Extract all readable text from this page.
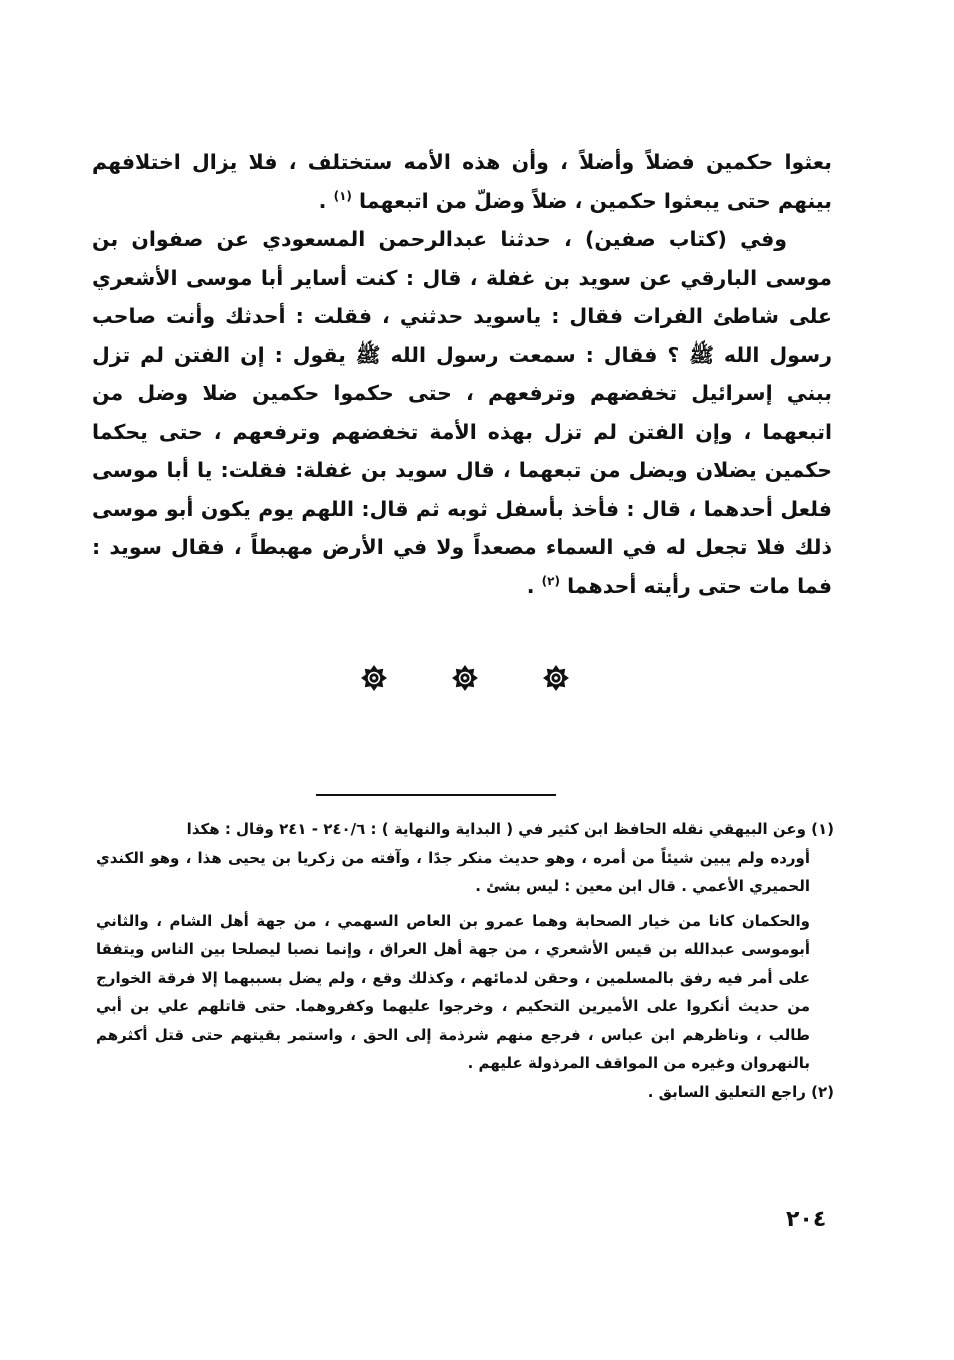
بعثوا حكمين فضلاً وأضلاً ، وأن هذه الأمه ستختلف ، فلا يزال اختلافهم بينهم حتى يبعثوا حكمين ، ضلاً وضلّ من اتبعهما $^{(١)}$ .

وفي (كتاب صفين) ، حدثنا عبدالرحمن المسعودي عن صفوان بن موسى البارقي عن سويد بن غفلة ، قال : كنت أساير أبا موسى الأشعري على شاطئ الفرات فقال : ياسويد حدثني ، فقلت : أحدثك وأنت صاحب رسول الله ﷺ ؟ فقال : سمعت رسول الله ﷺ يقول : إن الفتن لم تزل ببني إسرائيل تخفضهم وترفعهم ، حتى حكموا حكمين ضلا وضل من اتبعهما ، وإن الفتن لم تزل بهذه الأمة تخفضهم وترفعهم ، حتى يحكما حكمين يضلان ويضل من تبعهما ، قال سويد بن غفلة: فقلت: يا أبا موسى فلعل أحدهما ، قال : فأخذ بأسفل ثوبه ثم قال: اللهم يوم يكون أبو موسى ذلك فلا تجعل له في السماء مصعداً ولا في الأرض مهبطاً ، فقال سويد : فما مات حتى رأيته أحدهما $^{(٢)}$ .

(١) وعن البيهقي نقله الحافظ ابن كثير في ( البداية والنهاية ) : ٢٤٠/٦ - ٢٤١ وقال : هكذا

أورده ولم يبين شيئاً من أمره ، وهو حديث منكر جدًا ، وآفته من زكريا بن يحيى هذا ، وهو الكندي الحميري الأعمي . قال ابن معين : ليس بشئ .

والحكمان كانا من خيار الصحابة وهما عمرو بن العاص السهمي ، من جهة أهل الشام ، والثاني أبوموسى عبدالله بن قيس الأشعري ، من جهة أهل العراق ، وإنما نصبا ليصلحا بين الناس ويتفقا على أمر فيه رفق بالمسلمين ، وحقن لدمائهم ، وكذلك وقع ، ولم يضل بسببهما إلا فرقة الخوارج من حديث أنكروا على الأميرين التحكيم ، وخرجوا عليهما وكفروهما. حتى قاتلهم علي بن أبي طالب ، وناظرهم ابن عباس ، فرجع منهم شرذمة إلى الحق ، واستمر بقيتهم حتى قتل أكثرهم بالنهروان وغيره من المواقف المرذولة عليهم .

(٢) راجع التعليق السابق .

٢٠٤
